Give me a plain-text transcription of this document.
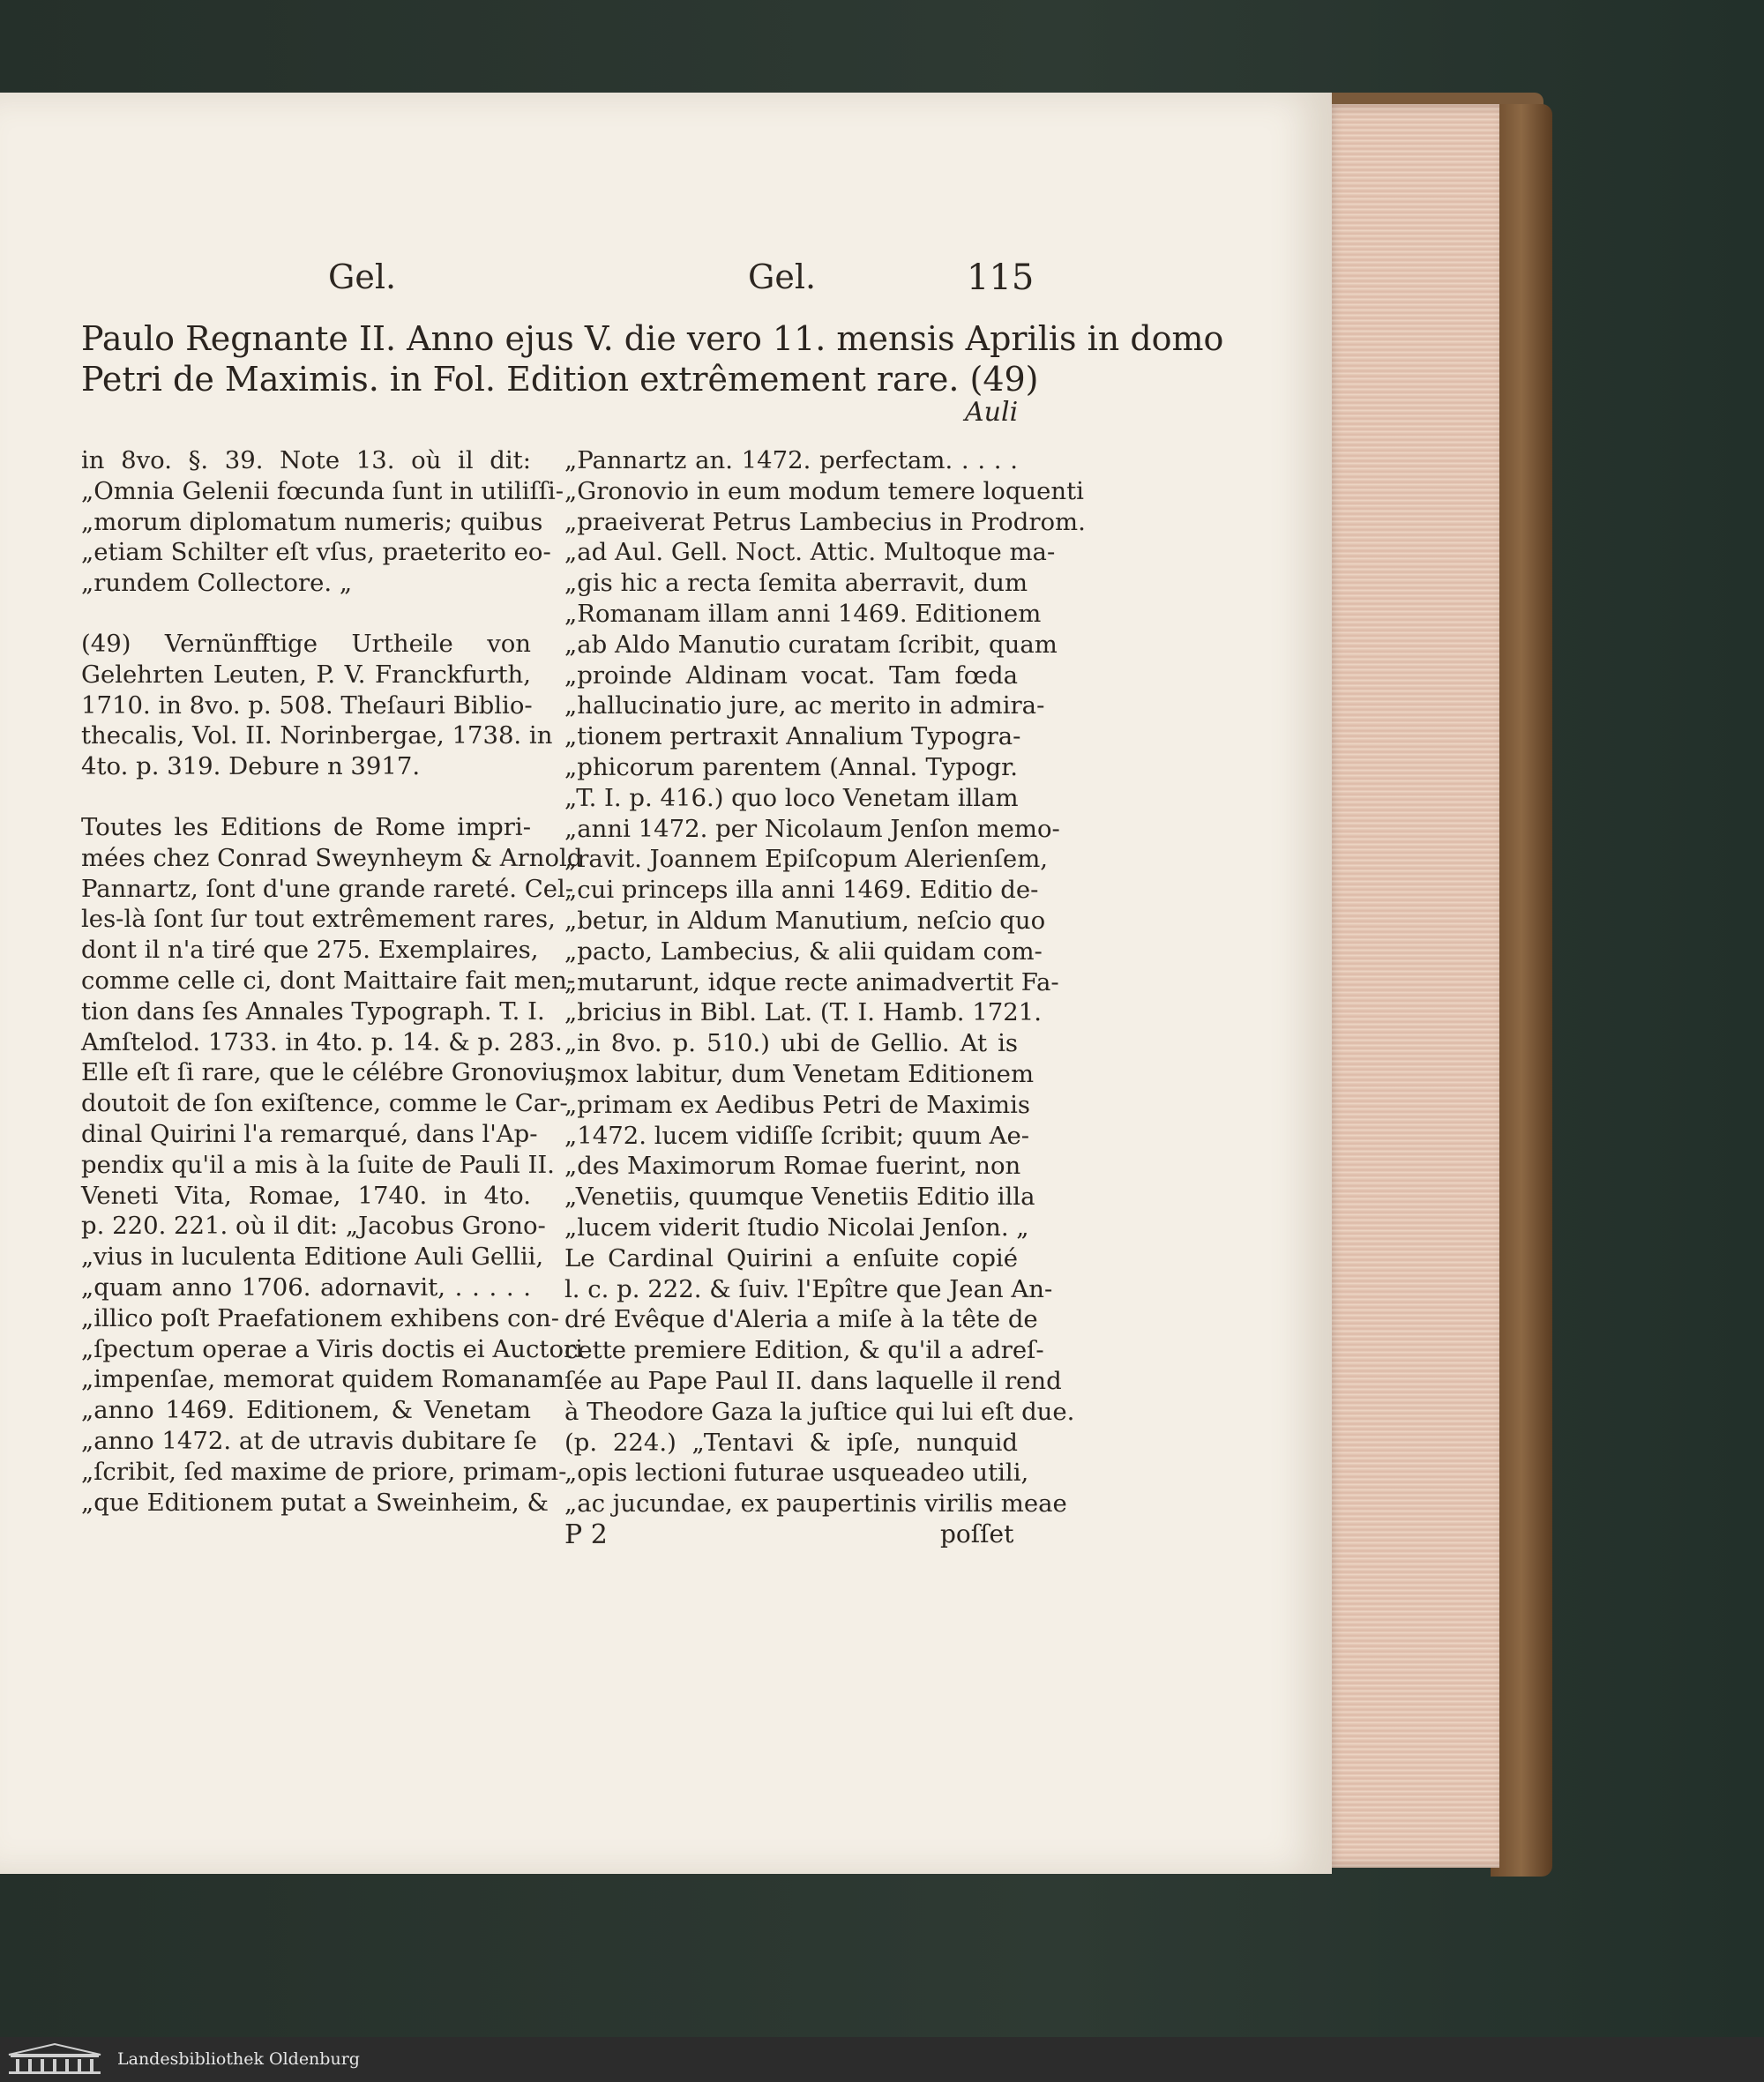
Gel.	Gel.	115
Paulo Regnante II. Anno ejus V. die vero 11. mensis Aprilis in domo
Petri de Maximis. in Fol. Edition extrêmement rare. (49)
Auli
in 8vo. §. 39. Note 13. où il dit:
„Omnia Gelenii fœcunda ſunt in utiliſſi-
„morum diplomatum numeris; quibus
„etiam Schilter eſt vſus, praeterito eo-
„rundem Collectore. „
(49) Vernünfftige Urtheile von
Gelehrten Leuten, P. V. Franckfurth,
1710. in 8vo. p. 508. Theſauri Biblio-
thecalis, Vol. II. Norinbergae, 1738. in
4to. p. 319. Debure n 3917.
Toutes les Editions de Rome impri-
mées chez Conrad Sweynheym & Arnold
Pannartz, ſont d'une grande rareté. Cel-
les-là ſont ſur tout extrêmement rares,
dont il n'a tiré que 275. Exemplaires,
comme celle ci, dont Maittaire fait men-
tion dans ſes Annales Typograph. T. I.
Amſtelod. 1733. in 4to. p. 14. & p. 283.
Elle eſt ſi rare, que le célébre Gronovius
doutoit de ſon exiſtence, comme le Car-
dinal Quirini l'a remarqué, dans l'Ap-
pendix qu'il a mis à la ſuite de Pauli II.
Veneti Vita, Romae, 1740. in 4to.
p. 220. 221. où il dit: „Jacobus Grono-
„vius in luculenta Editione Auli Gellii,
„quam anno 1706. adornavit, . . . . .
„illico poſt Praefationem exhibens con-
„ſpectum operae a Viris doctis ei Auctori
„impenſae, memorat quidem Romanam
„anno 1469. Editionem, & Venetam
„anno 1472. at de utravis dubitare ſe
„ſcribit, ſed maxime de priore, primam-
„que Editionem putat a Sweinheim, &
„Pannartz an. 1472. perfectam. . . . .
„Gronovio in eum modum temere loquenti
„praeiverat Petrus Lambecius in Prodrom.
„ad Aul. Gell. Noct. Attic. Multoque ma-
„gis hic a recta ſemita aberravit, dum
„Romanam illam anni 1469. Editionem
„ab Aldo Manutio curatam ſcribit, quam
„proinde Aldinam vocat. Tam fœda
„hallucinatio jure, ac merito in admira-
„tionem pertraxit Annalium Typogra-
„phicorum parentem (Annal. Typogr.
„T. I. p. 416.) quo loco Venetam illam
„anni 1472. per Nicolaum Jenſon memo-
„ravit. Joannem Epiſcopum Alerienſem,
„cui princeps illa anni 1469. Editio de-
„betur, in Aldum Manutium, neſcio quo
„pacto, Lambecius, & alii quidam com-
„mutarunt, idque recte animadvertit Fa-
„bricius in Bibl. Lat. (T. I. Hamb. 1721.
„in 8vo. p. 510.) ubi de Gellio. At is
„mox labitur, dum Venetam Editionem
„primam ex Aedibus Petri de Maximis
„1472. lucem vidiſſe ſcribit; quum Ae-
„des Maximorum Romae fuerint, non
„Venetiis, quumque Venetiis Editio illa
„lucem viderit ſtudio Nicolai Jenſon. „
Le Cardinal Quirini a enſuite copié
l. c. p. 222. & ſuiv. l'Epître que Jean An-
dré Evêque d'Aleria a miſe à la tête de
cette premiere Edition, & qu'il a adreſ-
ſée au Pape Paul II. dans laquelle il rend
à Theodore Gaza la juſtice qui lui eſt due.
(p. 224.) „Tentavi & ipſe, nunquid
„opis lectioni futurae usqueadeo utili,
„ac jucundae, ex paupertinis virilis meae
P 2	poſſet
Landesbibliothek Oldenburg
